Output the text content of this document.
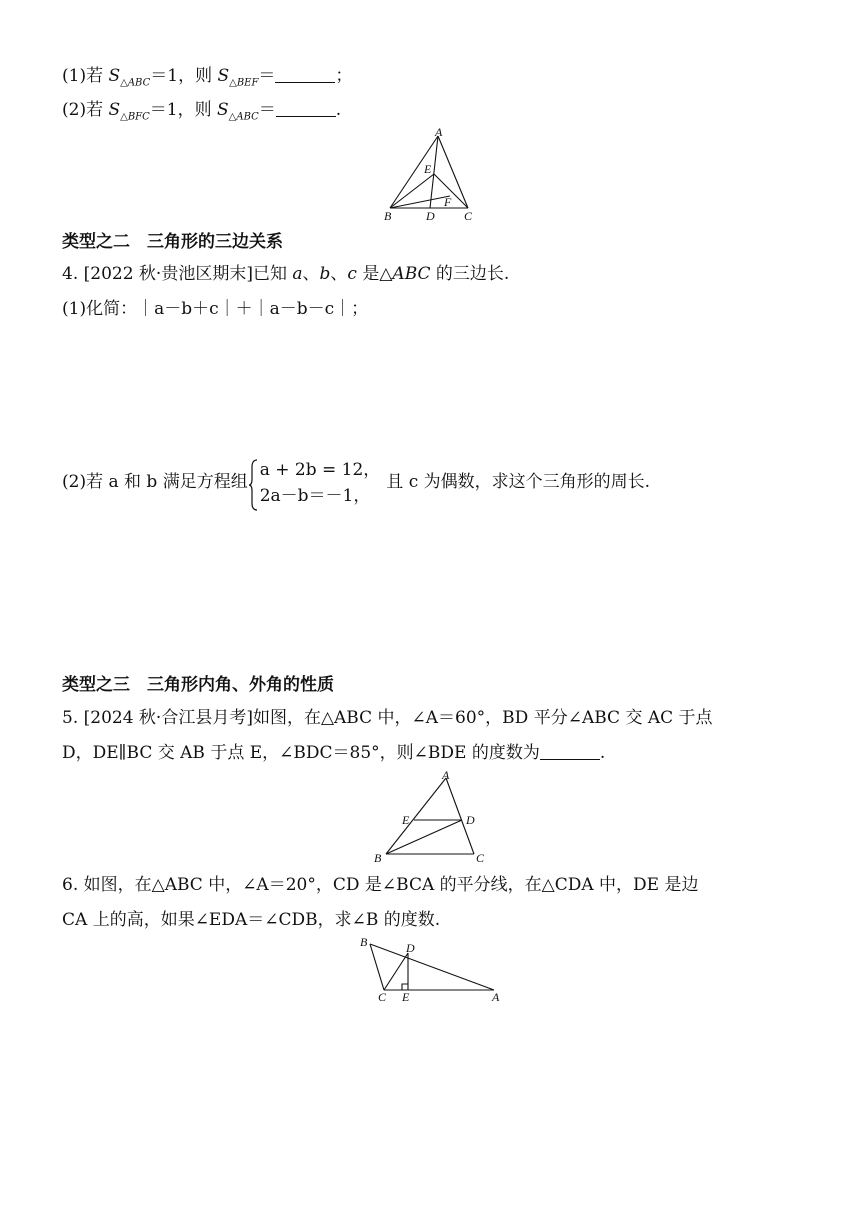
(1)若 $S_{\triangle ABC}=1$，则 $S_{\triangle BEF}=$	；
(2)若 $S_{\triangle BFC}=1$，则 $S_{\triangle ABC}=$	.
A
B	C
D
E
F
类型之二　三角形的三边关系
4. [2022 秋·贵池区期末]已知 a、b、c 是△ABC 的三边长.
(1)化简：｜a－b＋c｜＋｜a－b－c｜；
(2)若 a 和 b 满足方程组
a + 2b = 12，
2a－b＝－1，
且 c 为偶数，求这个三角形的周长.
类型之三　三角形内角、外角的性质
5. [2024 秋·合江县月考]如图，在△ABC 中，∠A＝60°，BD 平分∠ABC 交 AC 于点
D，DE∥BC 交 AB 于点 E，∠BDC＝85°，则∠BDE 的度数为	.
A
B	C
D
E
6. 如图，在△ABC 中，∠A＝20°，CD 是∠BCA 的平分线，在△CDA 中，DE 是边
CA 上的高，如果∠EDA＝∠CDB，求∠B 的度数.
B	D
C E	A
